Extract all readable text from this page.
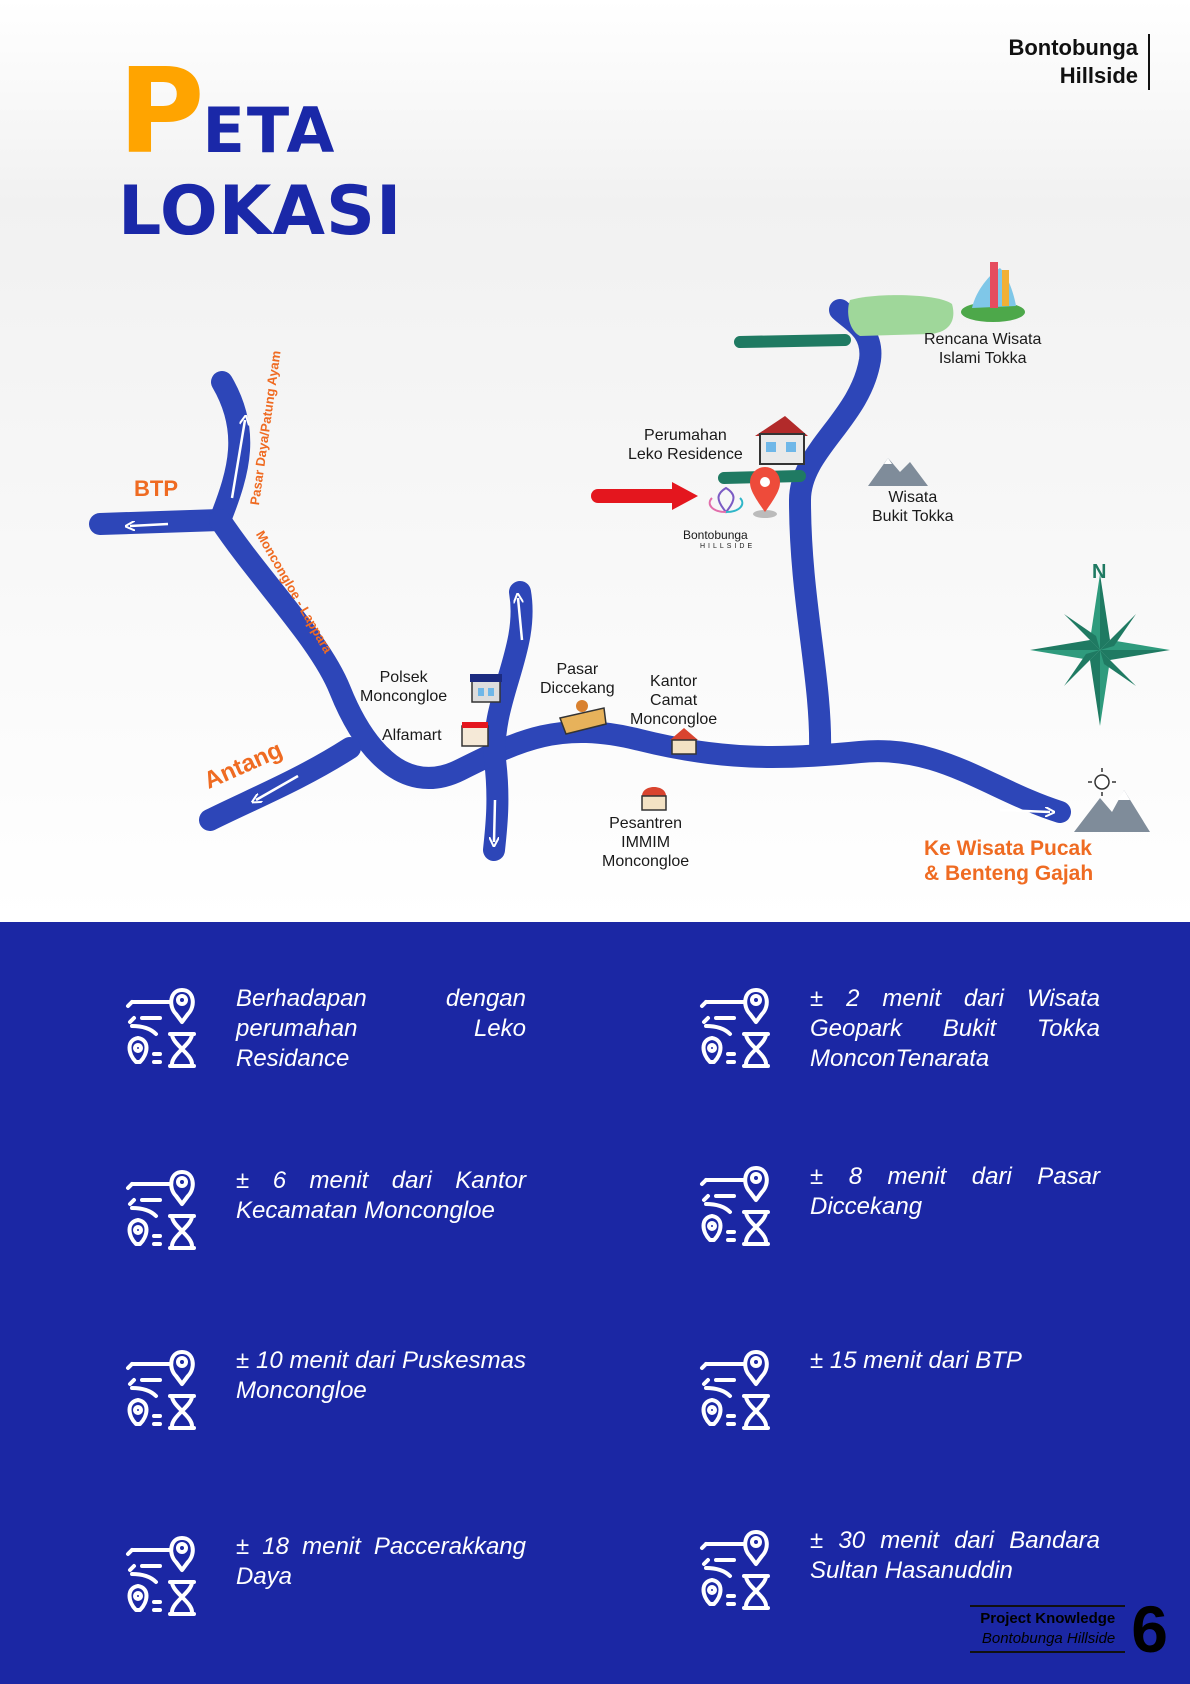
Bontobunga
Hillside
PETA
LOKASI
N
BTP
Antang
Pasar Daya/Patung Ayam
Moncongloe - Lappara
Polsek
Moncongloe
Alfamart
Pasar
Diccekang	Kantor
Camat
Moncongloe
Pesantren
IMMIM
Moncongloe
Perumahan
Leko Residence
Bontobunga
HILLSIDE
Wisata
Bukit Tokka
Rencana Wisata
Islami Tokka
Ke Wisata Pucak
& Benteng Gajah
Berhadapan dengan perumahan Leko Residance
± 2 menit dari Wisata Geopark Bukit Tokka MonconTenarata
± 6 menit dari Kantor Kecamatan Moncongloe
± 8 menit dari Pasar Diccekang
± 10 menit dari Puskesmas Moncongloe
± 15 menit dari BTP
± 18 menit Paccerakkang Daya
± 30 menit dari Bandara Sultan Hasanuddin
Project Knowledge
Bontobunga Hillside 6
